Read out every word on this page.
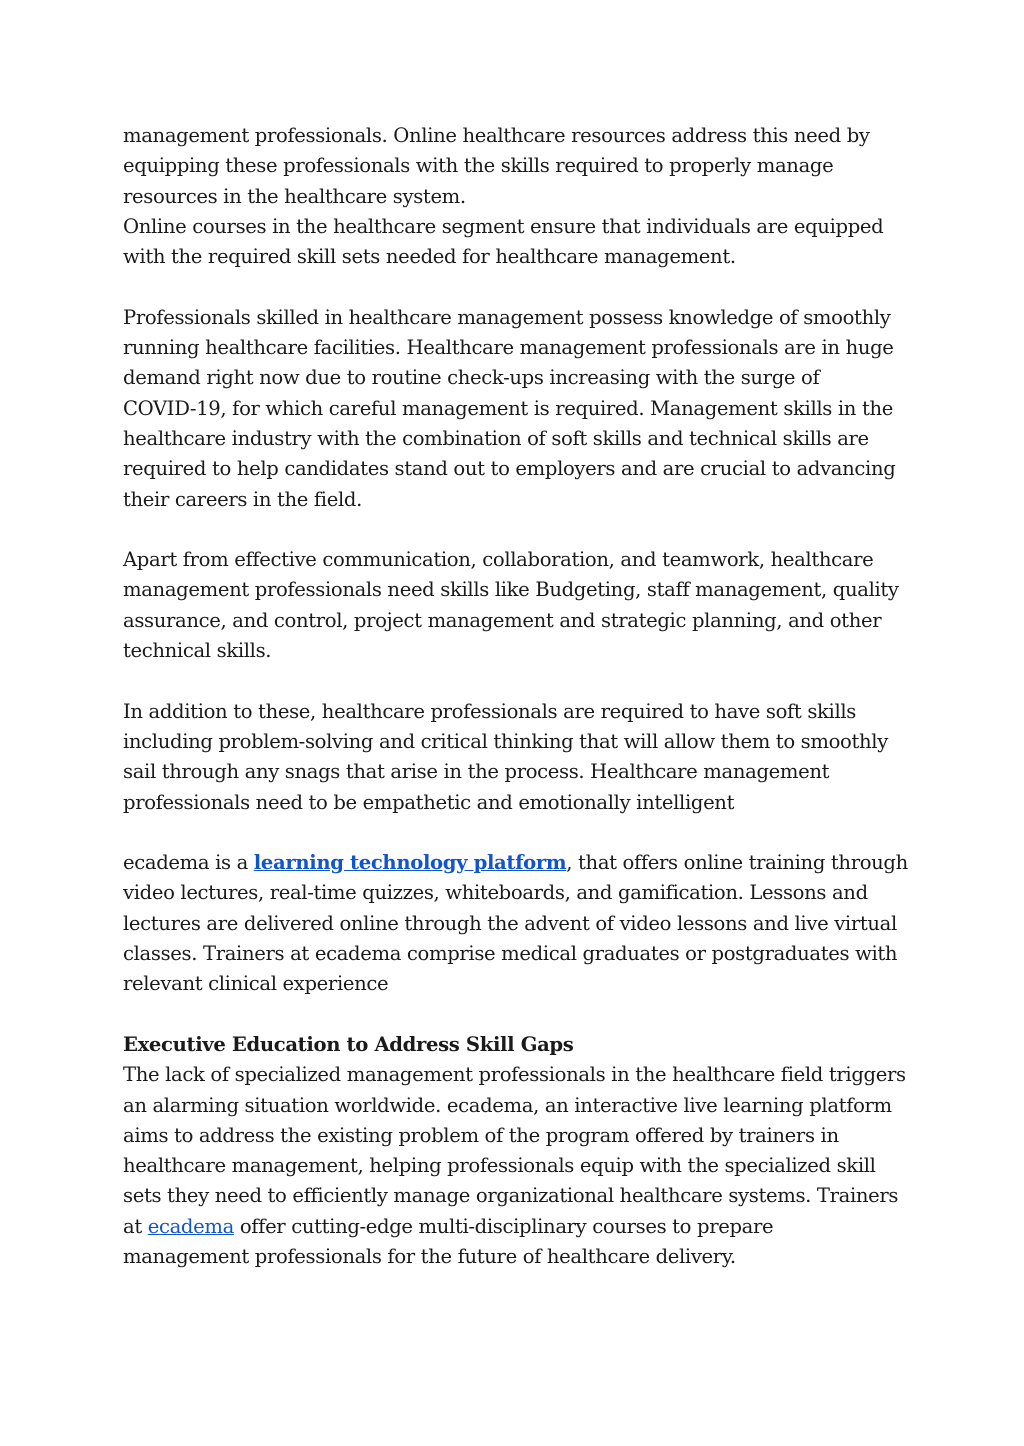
management professionals. Online healthcare resources address this need by
equipping these professionals with the skills required to properly manage
resources in the healthcare system.
Online courses in the healthcare segment ensure that individuals are equipped
with the required skill sets needed for healthcare management.
Professionals skilled in healthcare management possess knowledge of smoothly
running healthcare facilities. Healthcare management professionals are in huge
demand right now due to routine check-ups increasing with the surge of
COVID-19, for which careful management is required. Management skills in the
healthcare industry with the combination of soft skills and technical skills are
required to help candidates stand out to employers and are crucial to advancing
their careers in the field.
Apart from effective communication, collaboration, and teamwork, healthcare
management professionals need skills like Budgeting, staff management, quality
assurance, and control, project management and strategic planning, and other
technical skills.
In addition to these, healthcare professionals are required to have soft skills
including problem-solving and critical thinking that will allow them to smoothly
sail through any snags that arise in the process. Healthcare management
professionals need to be empathetic and emotionally intelligent
ecadema is a learning technology platform, that offers online training through
video lectures, real-time quizzes, whiteboards, and gamification. Lessons and
lectures are delivered online through the advent of video lessons and live virtual
classes. Trainers at ecadema comprise medical graduates or postgraduates with
relevant clinical experience
Executive Education to Address Skill Gaps
The lack of specialized management professionals in the healthcare field triggers
an alarming situation worldwide. ecadema, an interactive live learning platform
aims to address the existing problem of the program offered by trainers in
healthcare management, helping professionals equip with the specialized skill
sets they need to efficiently manage organizational healthcare systems. Trainers
at ecadema offer cutting-edge multi-disciplinary courses to prepare
management professionals for the future of healthcare delivery.
